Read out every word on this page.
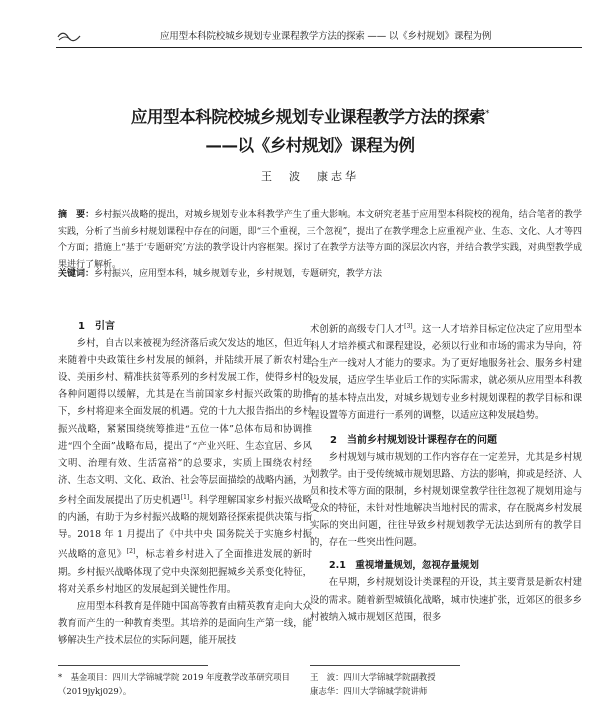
应用型本科院校城乡规划专业课程教学方法的探索 —— 以《乡村规划》课程为例
应用型本科院校城乡规划专业课程教学方法的探索*
——以《乡村规划》课程为例
王　波　康志华
摘　要：乡村振兴战略的提出，对城乡规划专业本科教学产生了重大影响。本文研究老基于应用型本科院校的视角，结合笔者的教学实践，分析了当前乡村规划课程中存在的问题，即“三个重视，三个忽视”，提出了在教学理念上应重视产业、生态、文化、人才等四个方面；措施上“基于‘专题研究’方法的教学设计内容框架。探讨了在教学方法等方面的深层次内容，并结合教学实践，对典型教学成果进行了解析。
关键词：乡村振兴，应用型本科，城乡规划专业，乡村规划，专题研究，教学方法

1　引言

乡村，自古以来被视为经济落后或欠发达的地区，但近年来随着中央政策往乡村发展的倾斜，并陆续开展了新农村建设、美丽乡村、精准扶贫等系列的乡村发展工作，使得乡村的各种问题得以缓解，尤其是在当前国家乡村振兴政策的助推下，乡村将迎来全面发展的机遇。党的十九大报告指出的乡村振兴战略，紧紧围绕统筹推进“五位一体”总体布局和协调推进“四个全面”战略布局，提出了“产业兴旺、生态宜居、乡风文明、治理有效、生活富裕”的总要求，实质上围绕农村经济、生态文明、文化、政治、社会等层面描绘的战略内涵，为乡村全面发展提出了历史机遇[1]。科学理解国家乡村振兴战略的内涵，有助于为乡村振兴战略的规划路径探索提供决策与指导。2018 年 1 月提出了《中共中央 国务院关于实施乡村振兴战略的意见》[2]，标志着乡村进入了全面推进发展的新时期。乡村振兴战略体现了党中央深刻把握城乡关系变化特征，将对关系乡村地区的发展起到关键性作用。

应用型本科教育是伴随中国高等教育由精英教育走向大众教育而产生的一种教育类型。其培养的是面向生产第一线，能够解决生产技术层位的实际问题，能开展技

术创新的高级专门人才[3]。这一人才培养目标定位决定了应用型本科人才培养模式和课程建设，必须以行业和市场的需求为导向，符合生产一线对人才能力的要求。为了更好地服务社会、服务乡村建设发展，适应学生毕业后工作的实际需求，就必须从应用型本科教育的基本特点出发，对城乡规划专业乡村规划课程的教学目标和课程设置等方面进行一系列的调整，以适应这种发展趋势。

2　当前乡村规划设计课程存在的问题

乡村规划与城市规划的工作内容存在一定差异，尤其是乡村规划教学。由于受传统城市规划思路、方法的影响，抑或是经济、人员和技术等方面的限制，乡村规划课堂教学往往忽视了规划用途与受众的特征，未针对性地解决当地村民的需求，存在脱离乡村发展实际的突出问题，往往导致乡村规划教学无法达到所有的教学目的，存在一些突出性问题。

2.1　重视增量规划，忽视存量规划

在早期，乡村规划设计类课程的开设，其主要背景是新农村建设的需求。随着新型城镇化战略，城市快速扩张，近郊区的很多乡村被纳入城市规划区范围，很多

*　 基金项目：四川大学锦城学院 2019 年度教学改革研究项目（2019jykj029）。
王　波：四川大学锦城学院副教授
康志华：四川大学锦城学院讲师
